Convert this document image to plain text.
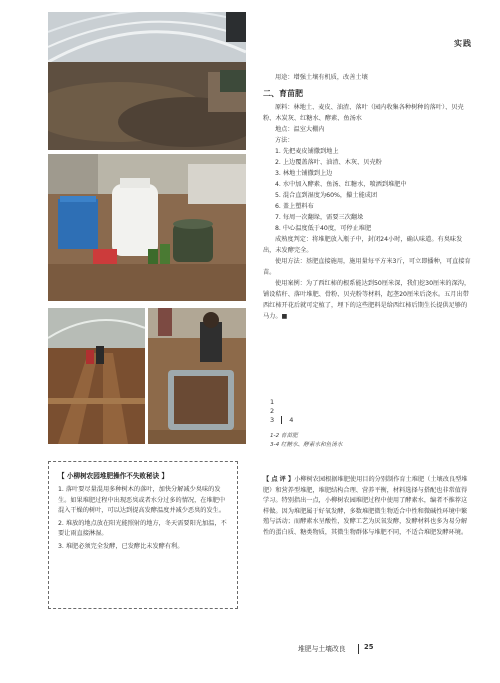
实践

用途：增强土壤有机质，改善土壤

二、育苗肥

原料：林地土、麦皮、油渣、落叶（园内收集各种树种的落叶）、贝壳粉、木炭灰、红糖水、酵素、鱼汤水

地点：温室大棚内

方法：

1. 先把麦皮铺撒到地上

2. 上边覆盖落叶、油渣、木灰、贝壳粉

3. 林地土铺撒到上边

4. 水中加入酵素、鱼汤、红糖水，喷洒到堆肥中

5. 混合直到湿度为60%，攥土能成团

6. 盖上塑料布

7. 每周一次翻垛，需要三次翻垛

8. 中心温度低于40度，可停止堆肥

成熟度判定：将堆肥放入瓶子中，封闭24小时，确认味道。有臭味发出，未发酵完全。

使用方法：基肥直接施用，施用量每平方米3斤，可立即播种，可直接育苗。

使用案例：为了西红柿的根系能达到50厘米深，我们挖30厘米的深沟，铺设秸秆、落叶堆肥、骨粉、贝壳粉等材料，起垄20厘米后浇水。五月出带西红柿开花后就可定植了，埋下的这些肥料是给西红柿后期生长提供足够的马力。■

1
2
3 4
1-2 育苗肥
3-4 红糖水、酵素水和鱼汤水

【 小柳树农园堆肥操作不失败秘诀 】

1. 落叶要尽量混用多种树木的落叶，加快分解减少臭味的发生。如果堆肥过程中出现恶臭或者水分过多的情况，在堆肥中混入干燥的树叶，可以达到提高发酵温度并减少恶臭的发生。

2. 堆放的地点放在阳光能照射的地方，冬天需要阳光加温，不要让雨直接淋湿。

3. 堆肥必须完全发酵，已发酵比未发酵有利。

【 点 评 】小柳树农园根据堆肥使用目的分别制作育土堆肥（土壤改良型堆肥）和营养型堆肥，堆肥结构合理、营养平衡，材料选择与搭配也非常值得学习。特别指出一点，小柳树农园堆肥过程中使用了酵素水，编者不推荐这样做。因为堆肥属于好氧发酵，多数堆肥微生物适合中性和微碱性环境中繁殖与活动；而酵素水呈酸性，发酵工艺为厌氧发酵，发酵材料也多为易分解性的蛋白质、糖类物质，其微生物群体与堆肥不同，不适合堆肥发酵环境。
堆肥与土壤改良	25
